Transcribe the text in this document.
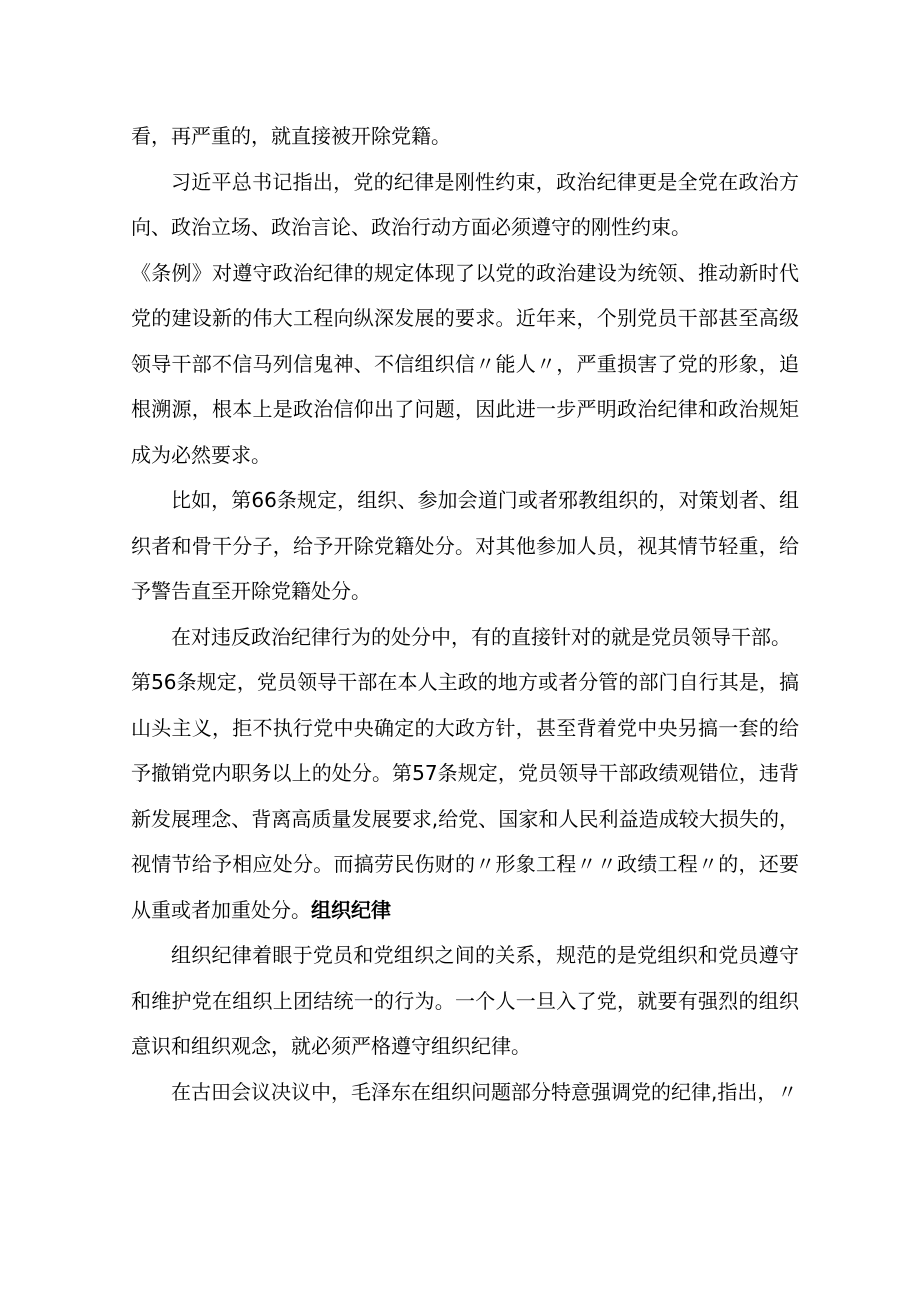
看，再严重的，就直接被开除党籍。

习近平总书记指出，党的纪律是刚性约束，政治纪律更是全党在政治方向、政治立场、政治言论、政治行动方面必须遵守的刚性约束。

《条例》对遵守政治纪律的规定体现了以党的政治建设为统领、推动新时代党的建设新的伟大工程向纵深发展的要求。近年来，个别党员干部甚至高级领导干部不信马列信鬼神、不信组织信〃能人〃，严重损害了党的形象，追根溯源，根本上是政治信仰出了问题，因此进一步严明政治纪律和政治规矩成为必然要求。

比如，第66条规定，组织、参加会道门或者邪教组织的，对策划者、组织者和骨干分子，给予开除党籍处分。对其他参加人员，视其情节轻重，给予警告直至开除党籍处分。

在对违反政治纪律行为的处分中，有的直接针对的就是党员领导干部。

第56条规定，党员领导干部在本人主政的地方或者分管的部门自行其是，搞山头主义，拒不执行党中央确定的大政方针，甚至背着党中央另搞一套的给予撤销党内职务以上的处分。第57条规定，党员领导干部政绩观错位，违背新发展理念、背离高质量发展要求,给党、国家和人民利益造成较大损失的，视情节给予相应处分。而搞劳民伤财的〃形象工程〃〃政绩工程〃的，还要从重或者加重处分。组织纪律

组织纪律着眼于党员和党组织之间的关系，规范的是党组织和党员遵守和维护党在组织上团结统一的行为。一个人一旦入了党，就要有强烈的组织意识和组织观念，就必须严格遵守组织纪律。

在古田会议决议中，毛泽东在组织问题部分特意强调党的纪律,指出，〃
